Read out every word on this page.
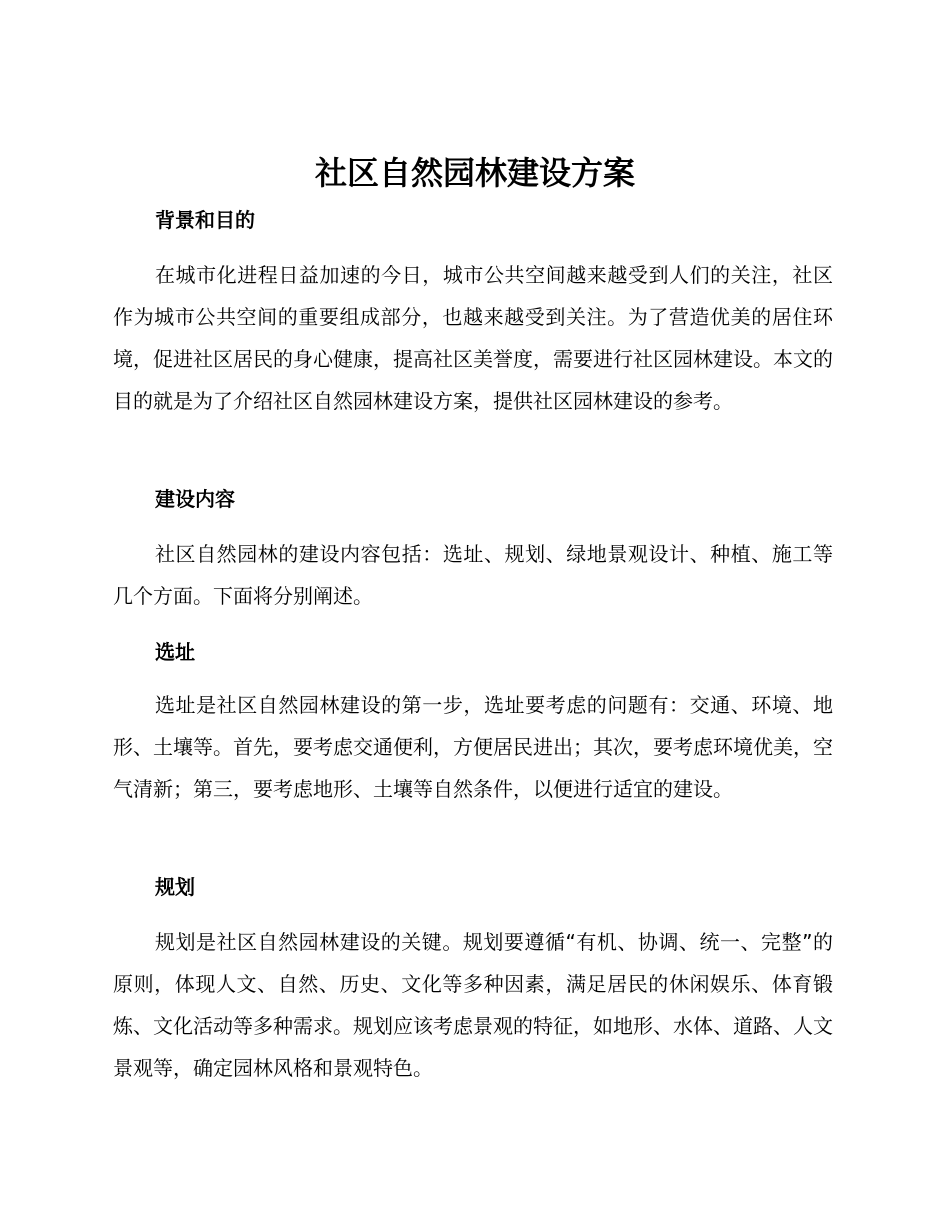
社区自然园林建设方案
背景和目的

在城市化进程日益加速的今日，城市公共空间越来越受到人们的关注，社区作为城市公共空间的重要组成部分，也越来越受到关注。为了营造优美的居住环境，促进社区居民的身心健康，提高社区美誉度，需要进行社区园林建设。本文的目的就是为了介绍社区自然园林建设方案，提供社区园林建设的参考。

建设内容

社区自然园林的建设内容包括：选址、规划、绿地景观设计、种植、施工等几个方面。下面将分别阐述。

选址

选址是社区自然园林建设的第一步，选址要考虑的问题有：交通、环境、地形、土壤等。首先，要考虑交通便利，方便居民进出；其次，要考虑环境优美，空气清新；第三，要考虑地形、土壤等自然条件，以便进行适宜的建设。

规划

规划是社区自然园林建设的关键。规划要遵循“有机、协调、统一、完整”的原则，体现人文、自然、历史、文化等多种因素，满足居民的休闲娱乐、体育锻炼、文化活动等多种需求。规划应该考虑景观的特征，如地形、水体、道路、人文景观等，确定园林风格和景观特色。
